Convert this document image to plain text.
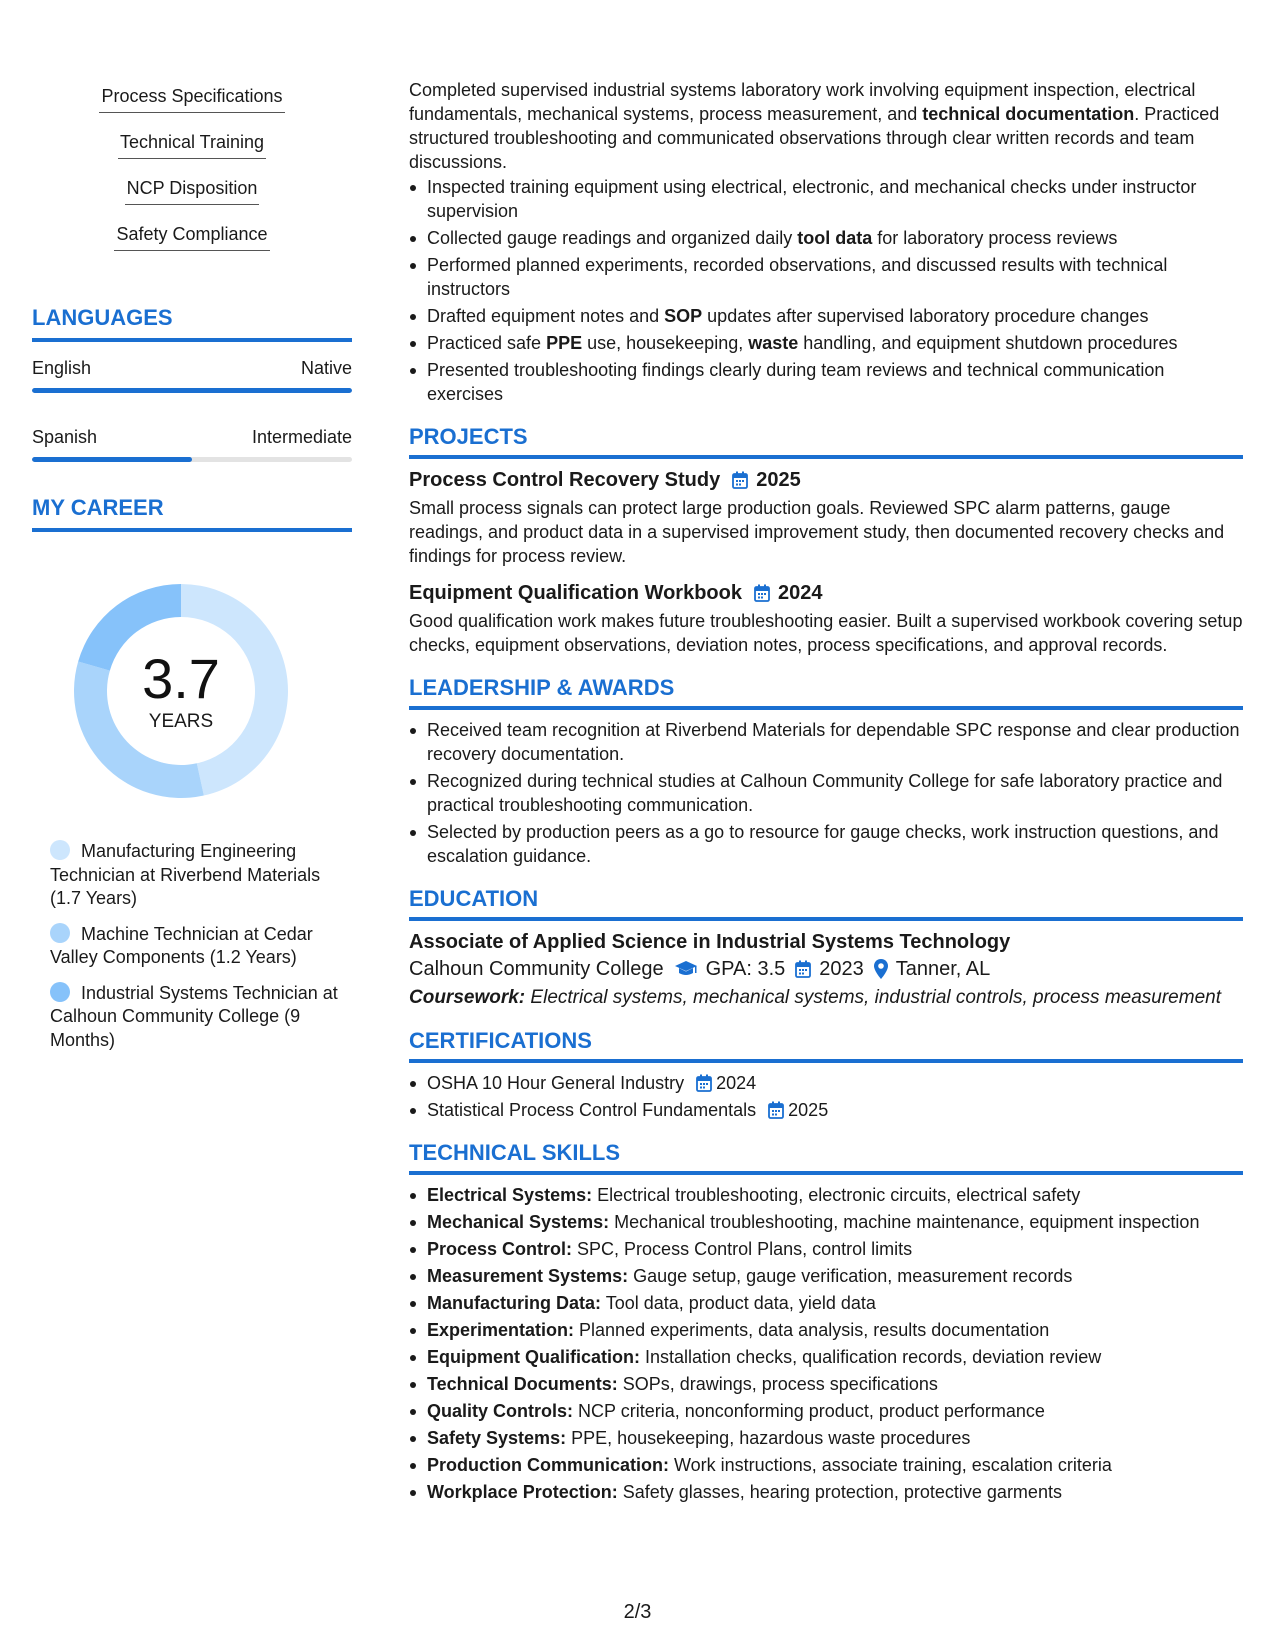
Process Specifications
Technical Training
NCP Disposition
Safety Compliance
LANGUAGES
English	Native
Spanish	Intermediate
MY CAREER
3.7
YEARS
Manufacturing Engineering Technician at Riverbend Materials (1.7 Years)
Machine Technician at Cedar Valley Components (1.2 Years)
Industrial Systems Technician at Calhoun Community College (9 Months)
Completed supervised industrial systems laboratory work involving equipment inspection, electrical fundamentals, mechanical systems, process measurement, and technical documentation. Practiced structured troubleshooting and communicated observations through clear written records and team discussions.
Inspected training equipment using electrical, electronic, and mechanical checks under instructor supervision
Collected gauge readings and organized daily tool data for laboratory process reviews
Performed planned experiments, recorded observations, and discussed results with technical instructors
Drafted equipment notes and SOP updates after supervised laboratory procedure changes
Practiced safe PPE use, housekeeping, waste handling, and equipment shutdown procedures
Presented troubleshooting findings clearly during team reviews and technical communication exercises
PROJECTS
Process Control Recovery Study 2025
Small process signals can protect large production goals. Reviewed SPC alarm patterns, gauge readings, and product data in a supervised improvement study, then documented recovery checks and findings for process review.
Equipment Qualification Workbook 2024
Good qualification work makes future troubleshooting easier. Built a supervised workbook covering setup checks, equipment observations, deviation notes, process specifications, and approval records.
LEADERSHIP & AWARDS
Received team recognition at Riverbend Materials for dependable SPC response and clear production recovery documentation.
Recognized during technical studies at Calhoun Community College for safe laboratory practice and practical troubleshooting communication.
Selected by production peers as a go to resource for gauge checks, work instruction questions, and escalation guidance.
EDUCATION
Associate of Applied Science in Industrial Systems Technology
Calhoun Community College GPA: 3.5 2023 Tanner, AL
Coursework: Electrical systems, mechanical systems, industrial controls, process measurement
CERTIFICATIONS
OSHA 10 Hour General Industry 2024
Statistical Process Control Fundamentals 2025
TECHNICAL SKILLS
Electrical Systems: Electrical troubleshooting, electronic circuits, electrical safety
Mechanical Systems: Mechanical troubleshooting, machine maintenance, equipment inspection
Process Control: SPC, Process Control Plans, control limits
Measurement Systems: Gauge setup, gauge verification, measurement records
Manufacturing Data: Tool data, product data, yield data
Experimentation: Planned experiments, data analysis, results documentation
Equipment Qualification: Installation checks, qualification records, deviation review
Technical Documents: SOPs, drawings, process specifications
Quality Controls: NCP criteria, nonconforming product, product performance
Safety Systems: PPE, housekeeping, hazardous waste procedures
Production Communication: Work instructions, associate training, escalation criteria
Workplace Protection: Safety glasses, hearing protection, protective garments
2/3
